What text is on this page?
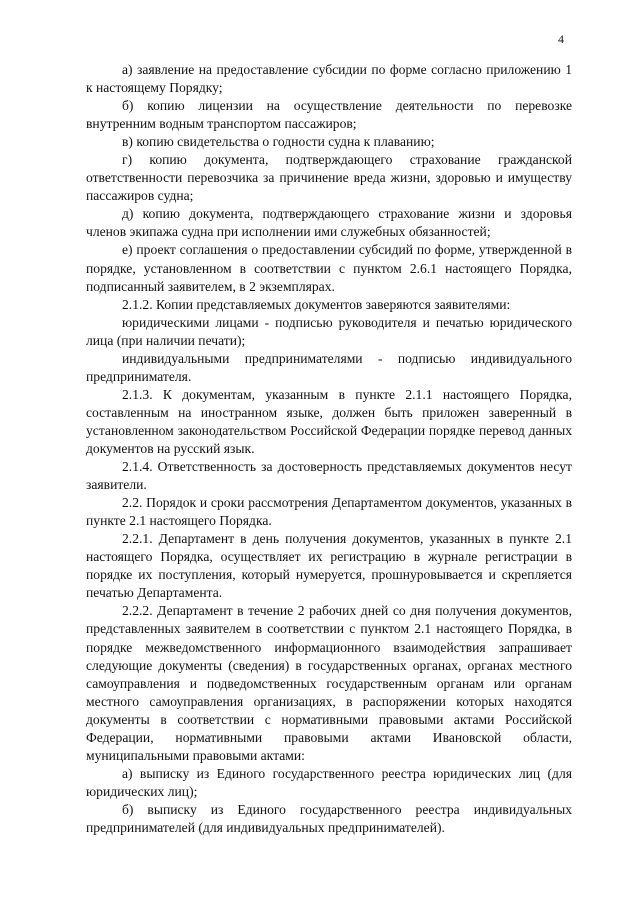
4

а) заявление на предоставление субсидии по форме согласно приложению 1 к настоящему Порядку;

б) копию лицензии на осуществление деятельности по перевозке внутренним водным транспортом пассажиров;

в) копию свидетельства о годности судна к плаванию;

г) копию документа, подтверждающего страхование гражданской ответственности перевозчика за причинение вреда жизни, здоровью и имуществу пассажиров судна;

д) копию документа, подтверждающего страхование жизни и здоровья членов экипажа судна при исполнении ими служебных обязанностей;

е) проект соглашения о предоставлении субсидий по форме, утвержденной в порядке, установленном в соответствии с пунктом 2.6.1 настоящего Порядка, подписанный заявителем, в 2 экземплярах.

2.1.2. Копии представляемых документов заверяются заявителями:

юридическими лицами - подписью руководителя и печатью юридического лица (при наличии печати);

индивидуальными предпринимателями - подписью индивидуального предпринимателя.

2.1.3. К документам, указанным в пункте 2.1.1 настоящего Порядка, составленным на иностранном языке, должен быть приложен заверенный в установленном законодательством Российской Федерации порядке перевод данных документов на русский язык.

2.1.4. Ответственность за достоверность представляемых документов несут заявители.

2.2. Порядок и сроки рассмотрения Департаментом документов, указанных в пункте 2.1 настоящего Порядка.

2.2.1. Департамент в день получения документов, указанных в пункте 2.1 настоящего Порядка, осуществляет их регистрацию в журнале регистрации в порядке их поступления, который нумеруется, прошнуровывается и скрепляется печатью Департамента.

2.2.2. Департамент в течение 2 рабочих дней со дня получения документов, представленных заявителем в соответствии с пунктом 2.1 настоящего Порядка, в порядке межведомственного информационного взаимодействия запрашивает следующие документы (сведения) в государственных органах, органах местного самоуправления и подведомственных государственным органам или органам местного самоуправления организациях, в распоряжении которых находятся документы в соответствии с нормативными правовыми актами Российской Федерации, нормативными правовыми актами Ивановской области, муниципальными правовыми актами:

а) выписку из Единого государственного реестра юридических лиц (для юридических лиц);

б) выписку из Единого государственного реестра индивидуальных предпринимателей (для индивидуальных предпринимателей).
